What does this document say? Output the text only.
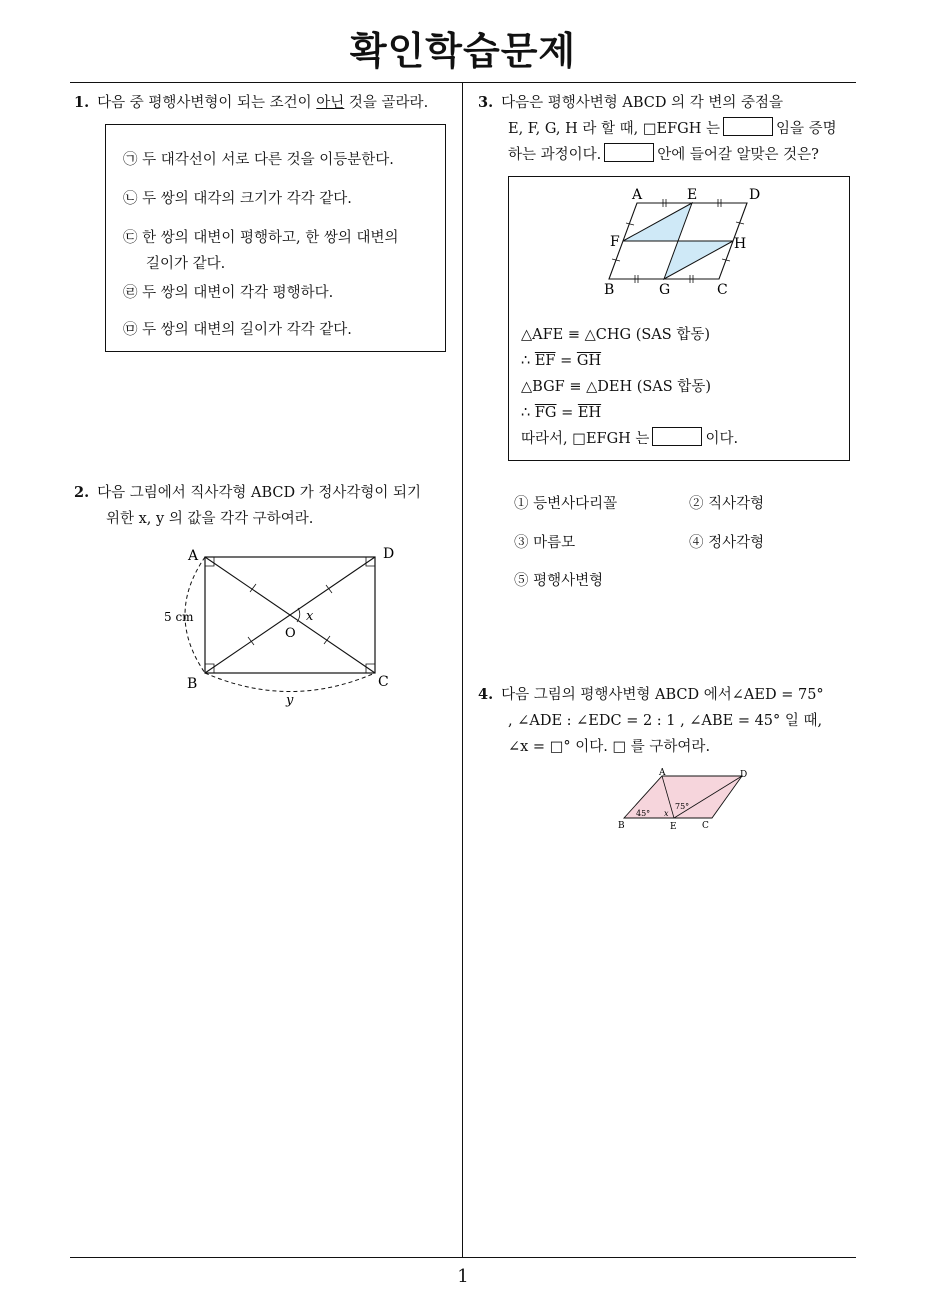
확인학습문제
1. 다음 중 평행사변형이 되는 조건이 아닌 것을 골라라.
㉠ 두 대각선이 서로 다른 것을 이등분한다.
㉡ 두 쌍의 대각의 크기가 각각 같다.
㉢ 한 쌍의 대변이 평행하고, 한 쌍의 대변의
길이가 같다.
㉣ 두 쌍의 대변이 각각 평행하다.
㉤ 두 쌍의 대변의 길이가 각각 같다.
2. 다음 그림에서 직사각형 ABCD 가 정사각형이 되기
위한 x, y 의 값을 각각 구하여라.
A	D
B	C
O
x
y
5 cm
3. 다음은 평행사변형 ABCD 의 각 변의 중점을
E, F, G, H 라 할 때, □EFGH 는	임을 증명
하는 과정이다.	안에 들어갈 알맞은 것은?
A	E	D
F	H
B	G	C
△AFE ≡ △CHG (SAS 합동)
∴ $\overline{EF} = \overline{GH}$
△BGF ≡ △DEH (SAS 합동)
∴ $\overline{FG} = \overline{EH}$
따라서, □EFGH 는	이다.
① 등변사다리꼴	② 직사각형
③ 마름모	④ 정사각형
⑤ 평행사변형
4. 다음 그림의 평행사변형 ABCD 에서∠AED = 75°
, ∠ADE : ∠EDC = 2 : 1 , ∠ABE = 45° 일 때,
∠x = □° 이다. □ 를 구하여라.
A	D
B	E	C
45°
75°
x
1
